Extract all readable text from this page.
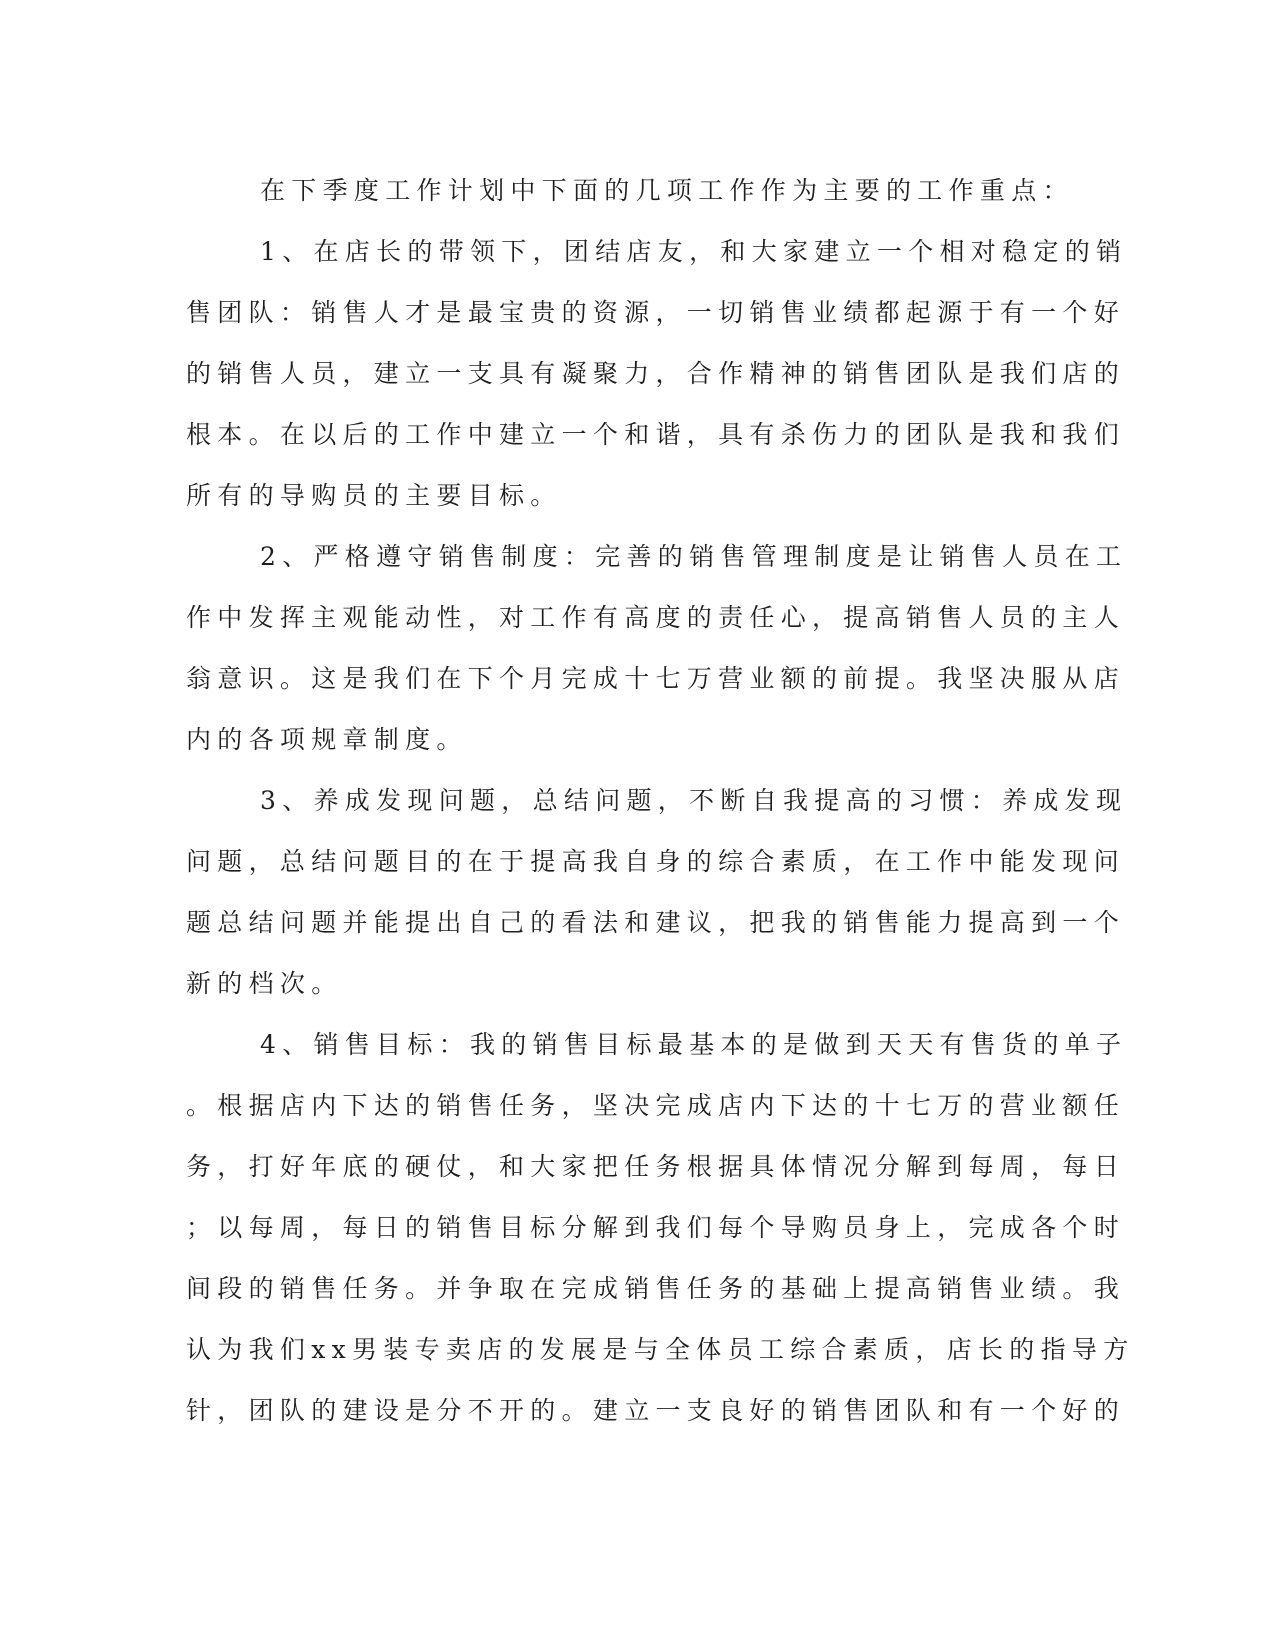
在下季度工作计划中下面的几项工作作为主要的工作重点：
1、在店长的带领下，团结店友，和大家建立一个相对稳定的销
售团队：销售人才是最宝贵的资源，一切销售业绩都起源于有一个好
的销售人员，建立一支具有凝聚力，合作精神的销售团队是我们店的
根本。在以后的工作中建立一个和谐，具有杀伤力的团队是我和我们
所有的导购员的主要目标。
2、严格遵守销售制度：完善的销售管理制度是让销售人员在工
作中发挥主观能动性，对工作有高度的责任心，提高销售人员的主人
翁意识。这是我们在下个月完成十七万营业额的前提。我坚决服从店
内的各项规章制度。
3、养成发现问题，总结问题，不断自我提高的习惯：养成发现
问题，总结问题目的在于提高我自身的综合素质，在工作中能发现问
题总结问题并能提出自己的看法和建议，把我的销售能力提高到一个
新的档次。
4、销售目标：我的销售目标最基本的是做到天天有售货的单子
。根据店内下达的销售任务，坚决完成店内下达的十七万的营业额任
务，打好年底的硬仗，和大家把任务根据具体情况分解到每周，每日
；以每周，每日的销售目标分解到我们每个导购员身上，完成各个时
间段的销售任务。并争取在完成销售任务的基础上提高销售业绩。我
认为我们xx男装专卖店的发展是与全体员工综合素质，店长的指导方
针，团队的建设是分不开的。建立一支良好的销售团队和有一个好的
